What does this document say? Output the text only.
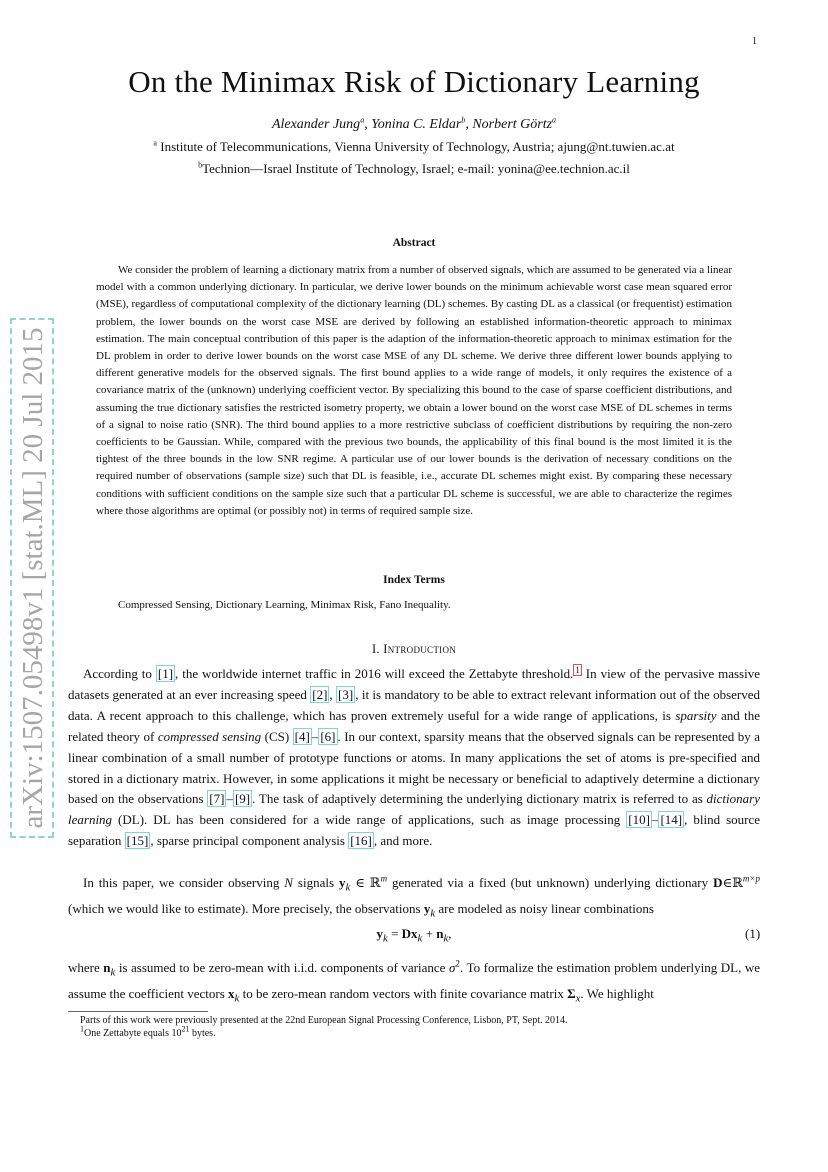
1
On the Minimax Risk of Dictionary Learning
Alexander Jung$^a$, Yonina C. Eldar$^b$, Norbert Görtz$^a$
$^a$ Institute of Telecommunications, Vienna University of Technology, Austria; ajung@nt.tuwien.ac.at
$^b$Technion—Israel Institute of Technology, Israel; e-mail: yonina@ee.technion.ac.il
Abstract

We consider the problem of learning a dictionary matrix from a number of observed signals, which are assumed to be generated via a linear model with a common underlying dictionary. In particular, we derive lower bounds on the minimum achievable worst case mean squared error (MSE), regardless of computational complexity of the dictionary learning (DL) schemes. By casting DL as a classical (or frequentist) estimation problem, the lower bounds on the worst case MSE are derived by following an established information-theoretic approach to minimax estimation. The main conceptual contribution of this paper is the adaption of the information-theoretic approach to minimax estimation for the DL problem in order to derive lower bounds on the worst case MSE of any DL scheme. We derive three different lower bounds applying to different generative models for the observed signals. The first bound applies to a wide range of models, it only requires the existence of a covariance matrix of the (unknown) underlying coefficient vector. By specializing this bound to the case of sparse coefficient distributions, and assuming the true dictionary satisfies the restricted isometry property, we obtain a lower bound on the worst case MSE of DL schemes in terms of a signal to noise ratio (SNR). The third bound applies to a more restrictive subclass of coefficient distributions by requiring the non-zero coefficients to be Gaussian. While, compared with the previous two bounds, the applicability of this final bound is the most limited it is the tightest of the three bounds in the low SNR regime. A particular use of our lower bounds is the derivation of necessary conditions on the required number of observations (sample size) such that DL is feasible, i.e., accurate DL schemes might exist. By comparing these necessary conditions with sufficient conditions on the sample size such that a particular DL scheme is successful, we are able to characterize the regimes where those algorithms are optimal (or possibly not) in terms of required sample size.

Index Terms

Compressed Sensing, Dictionary Learning, Minimax Risk, Fano Inequality.

I. Introduction

According to [1] , the worldwide internet traffic in 2016 will exceed the Zettabyte threshold. $^1$ In view of the pervasive massive datasets generated at an ever increasing speed [2] , [3] , it is mandatory to be able to extract relevant information out of the observed data. A recent approach to this challenge, which has proven extremely useful for a wide range of applications, is sparsity and the related theory of compressed sensing (CS) [4] – [6] . In our context, sparsity means that the observed signals can be represented by a linear combination of a small number of prototype functions or atoms. In many applications the set of atoms is pre-specified and stored in a dictionary matrix. However, in some applications it might be necessary or beneficial to adaptively determine a dictionary based on the observations [7] – [9] . The task of adaptively determining the underlying dictionary matrix is referred to as dictionary learning (DL). DL has been considered for a wide range of applications, such as image processing [10] – [14] , blind source separation [15] , sparse principal component analysis [16] , and more.

In this paper, we consider observing N signals $y_k$ ∈ ℝ$^m$ generated via a fixed (but unknown) underlying dictionary D∈ℝ$^{m\times p}$ (which we would like to estimate). More precisely, the observations $y_k$ are modeled as noisy linear combinations

$y_k = Dx_k + n_k$,	(1)

where $n_k$ is assumed to be zero-mean with i.i.d. components of variance $\sigma^2$. To formalize the estimation problem underlying DL, we assume the coefficient vectors $x_k$ to be zero-mean random vectors with finite covariance matrix $\Sigma_x$. We highlight

Parts of this work were previously presented at the 22nd European Signal Processing Conference, Lisbon, PT, Sept. 2014.
$^1$One Zettabyte equals $10^{21}$ bytes.
arXiv:1507.05498v1 [stat.ML] 20 Jul 2015
